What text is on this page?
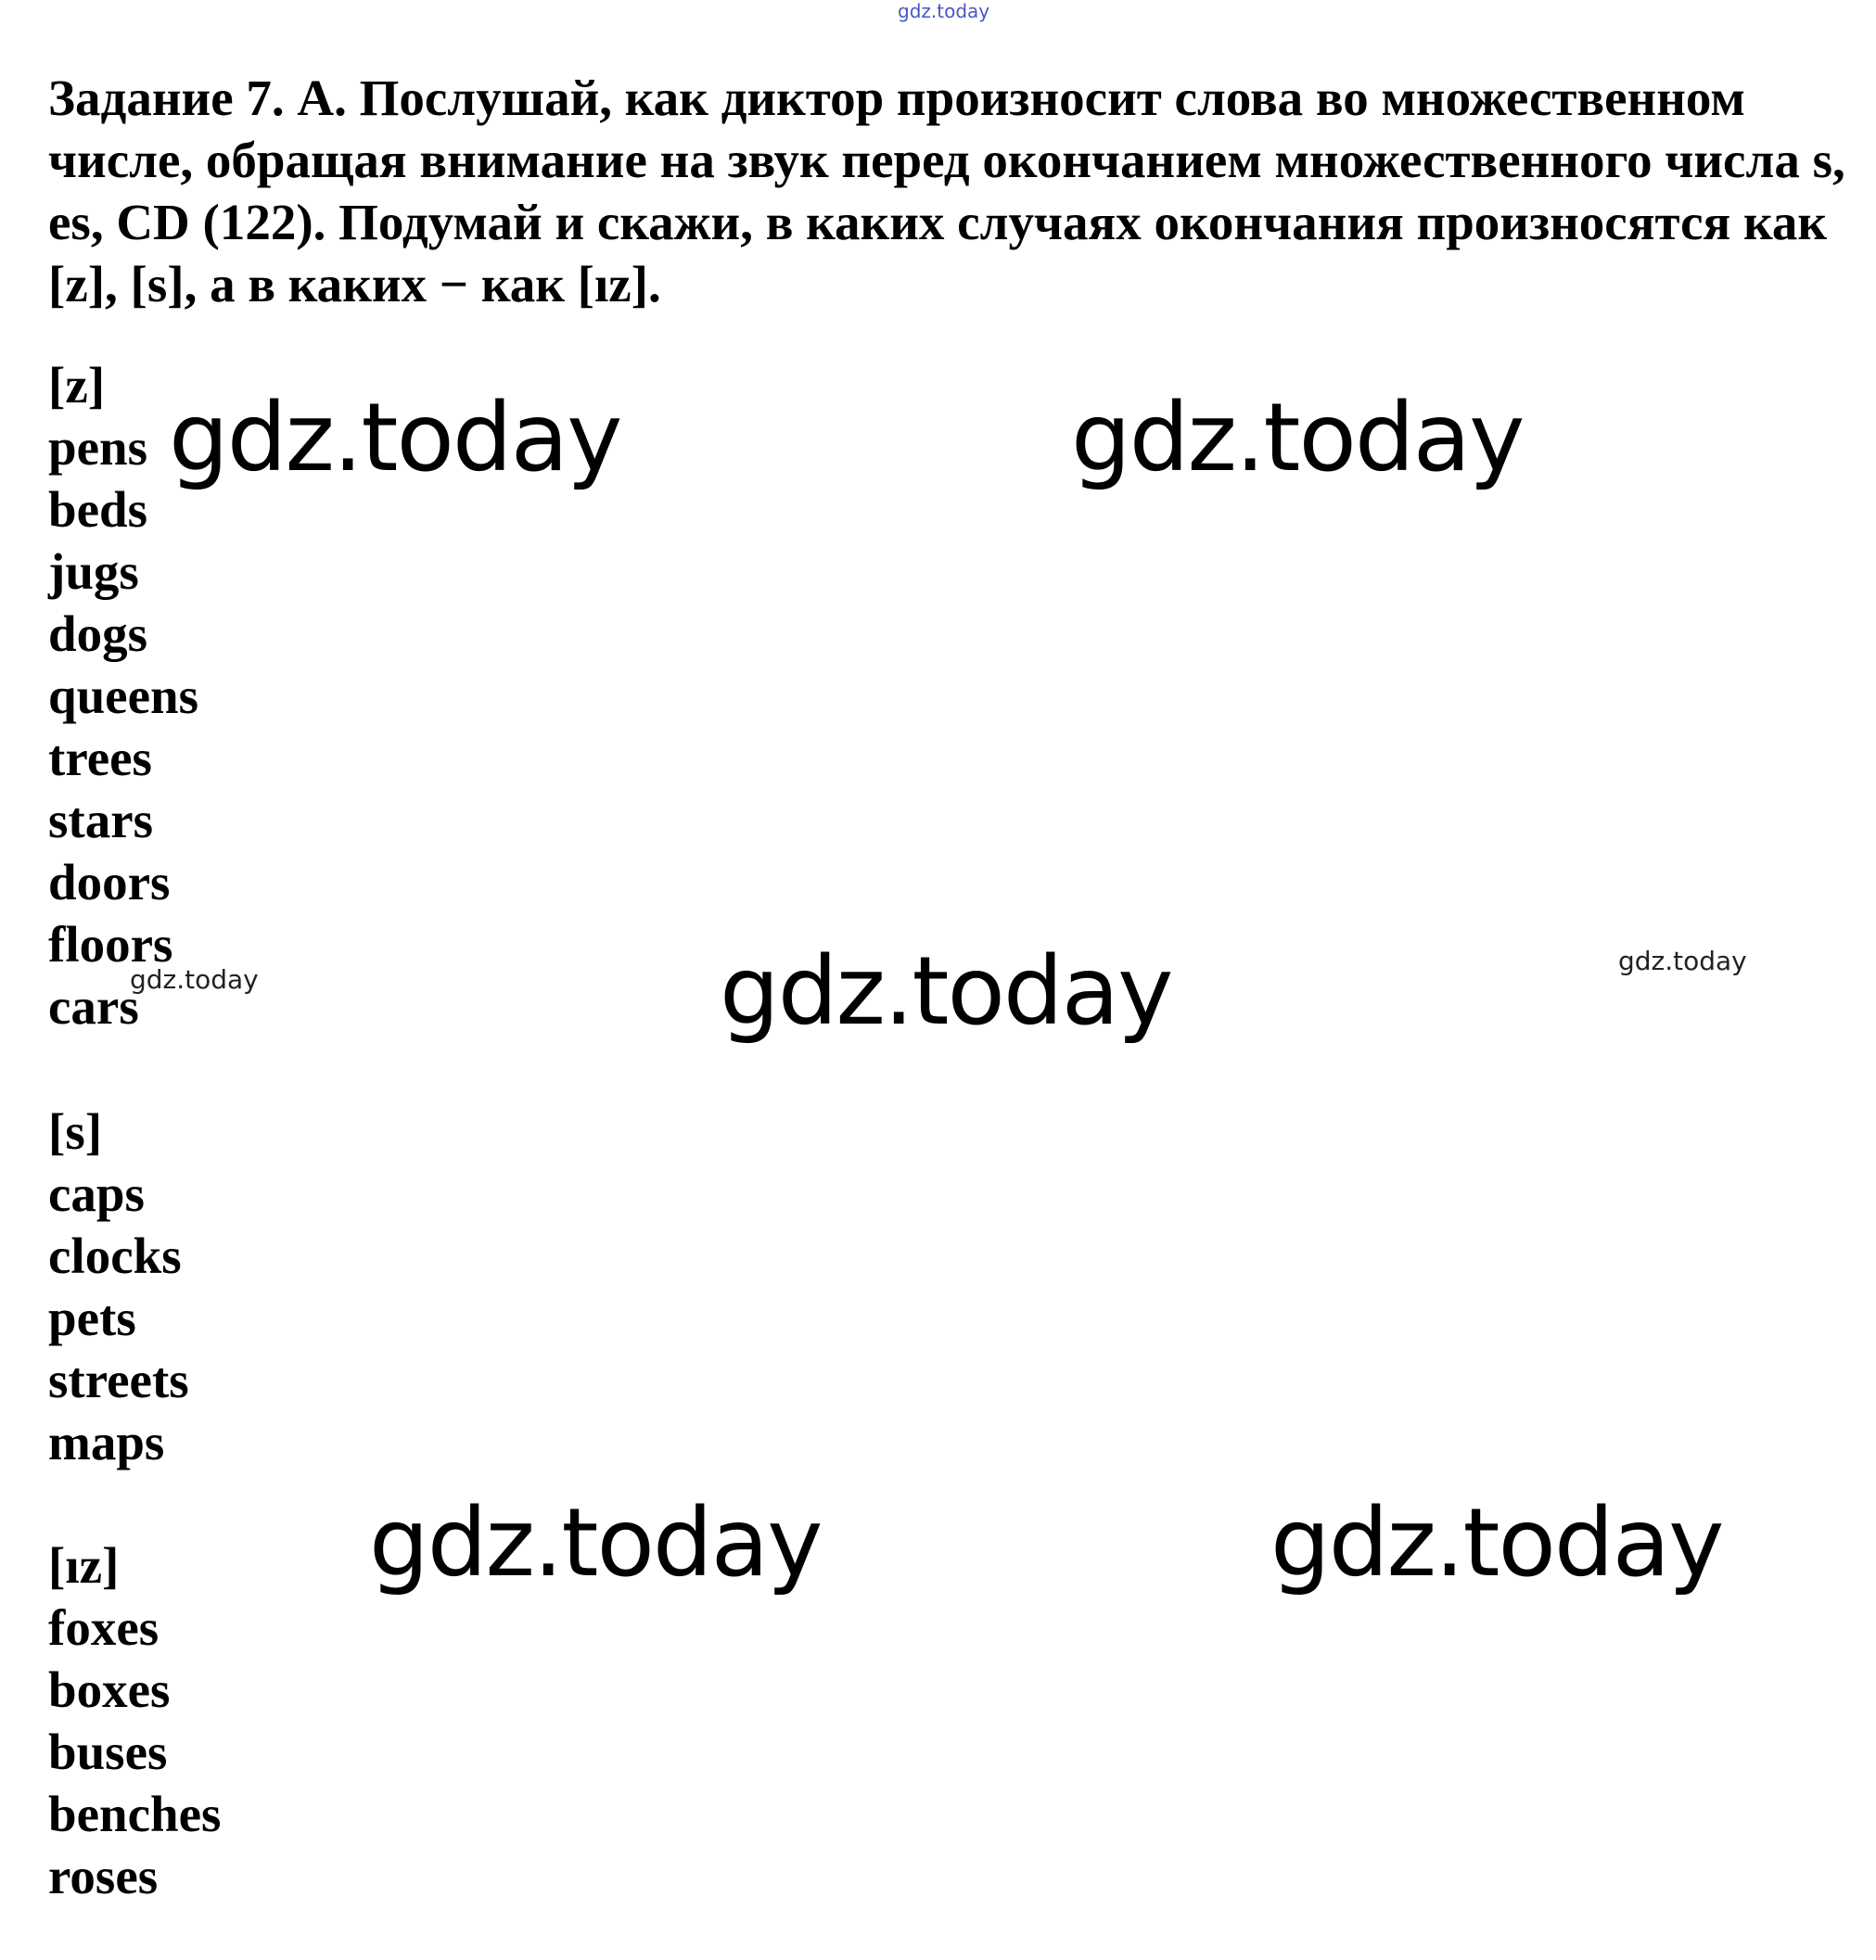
gdz.today

Задание 7. А. Послушай, как диктор произносит слова во множественном числе, обращая внимание на звук перед окончанием множественного числа s, es, CD (122). Подумай и скажи, в каких случаях окончания произносятся как [z], [s], а в каких − как [ız].

[z]
pens
beds
jugs
dogs
queens
trees
stars
doors
floors
cars
[s]
caps
clocks
pets
streets
maps
[ız]
foxes
boxes
buses
benches
roses
gdz.today	gdz.today
gdz.today
gdz.today	gdz.today
gdz.today
gdz.today
